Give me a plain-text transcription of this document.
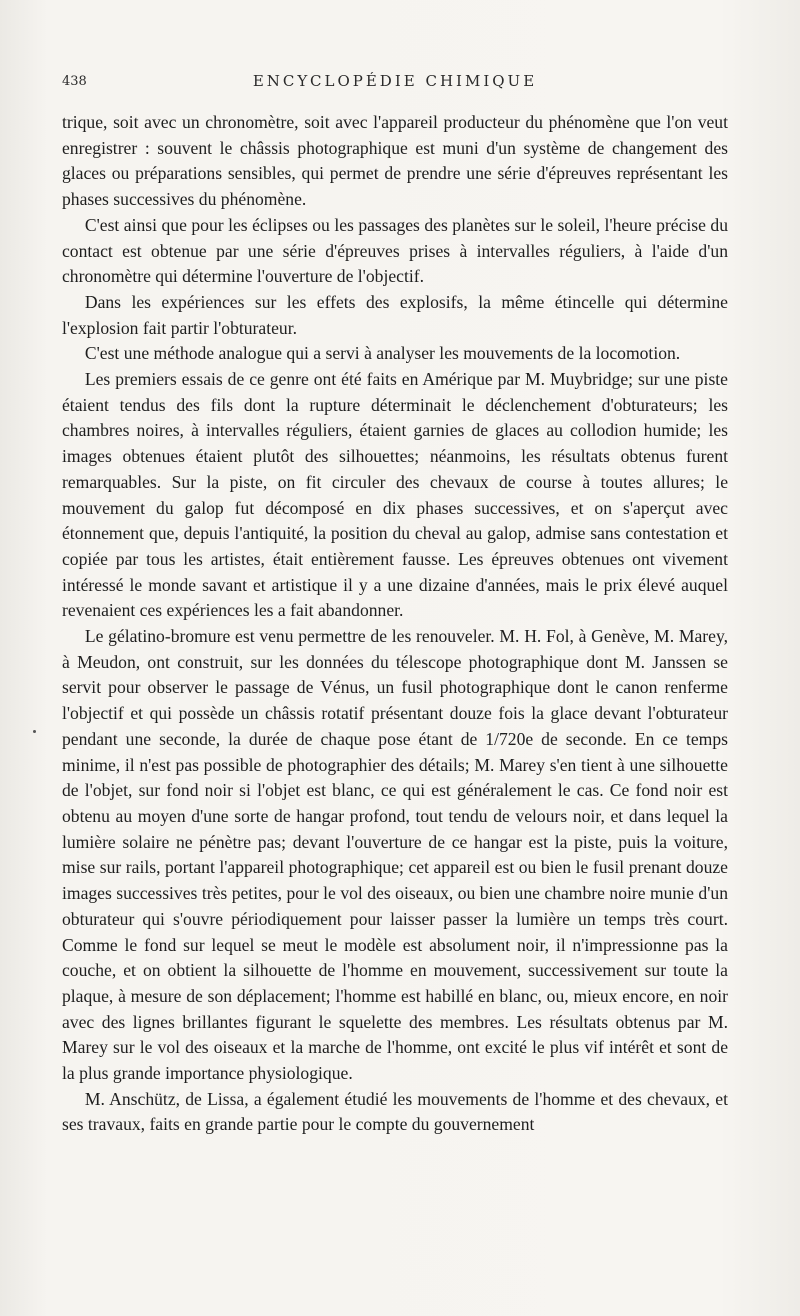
438	ENCYCLOPÉDIE CHIMIQUE

trique, soit avec un chronomètre, soit avec l'appareil producteur du phénomène que l'on veut enregistrer : souvent le châssis photographique est muni d'un système de changement des glaces ou préparations sensibles, qui permet de prendre une série d'épreuves représentant les phases successives du phénomène.

C'est ainsi que pour les éclipses ou les passages des planètes sur le soleil, l'heure précise du contact est obtenue par une série d'épreuves prises à intervalles réguliers, à l'aide d'un chronomètre qui détermine l'ouverture de l'objectif.

Dans les expériences sur les effets des explosifs, la même étincelle qui détermine l'explosion fait partir l'obturateur.

C'est une méthode analogue qui a servi à analyser les mouvements de la locomotion.

Les premiers essais de ce genre ont été faits en Amérique par M. Muybridge; sur une piste étaient tendus des fils dont la rupture déterminait le déclenchement d'obturateurs; les chambres noires, à intervalles réguliers, étaient garnies de glaces au collodion humide; les images obtenues étaient plutôt des silhouettes; néanmoins, les résultats obtenus furent remarquables. Sur la piste, on fit circuler des chevaux de course à toutes allures; le mouvement du galop fut décomposé en dix phases successives, et on s'aperçut avec étonnement que, depuis l'antiquité, la position du cheval au galop, admise sans contestation et copiée par tous les artistes, était entièrement fausse. Les épreuves obtenues ont vivement intéressé le monde savant et artistique il y a une dizaine d'années, mais le prix élevé auquel revenaient ces expériences les a fait abandonner.

Le gélatino-bromure est venu permettre de les renouveler. M. H. Fol, à Genève, M. Marey, à Meudon, ont construit, sur les données du télescope photographique dont M. Janssen se servit pour observer le passage de Vénus, un fusil photographique dont le canon renferme l'objectif et qui possède un châssis rotatif présentant douze fois la glace devant l'obturateur pendant une seconde, la durée de chaque pose étant de 1/720e de seconde. En ce temps minime, il n'est pas possible de photographier des détails; M. Marey s'en tient à une silhouette de l'objet, sur fond noir si l'objet est blanc, ce qui est généralement le cas. Ce fond noir est obtenu au moyen d'une sorte de hangar profond, tout tendu de velours noir, et dans lequel la lumière solaire ne pénètre pas; devant l'ouverture de ce hangar est la piste, puis la voiture, mise sur rails, portant l'appareil photographique; cet appareil est ou bien le fusil prenant douze images successives très petites, pour le vol des oiseaux, ou bien une chambre noire munie d'un obturateur qui s'ouvre périodiquement pour laisser passer la lumière un temps très court. Comme le fond sur lequel se meut le modèle est absolument noir, il n'impressionne pas la couche, et on obtient la silhouette de l'homme en mouvement, successivement sur toute la plaque, à mesure de son déplacement; l'homme est habillé en blanc, ou, mieux encore, en noir avec des lignes brillantes figurant le squelette des membres. Les résultats obtenus par M. Marey sur le vol des oiseaux et la marche de l'homme, ont excité le plus vif intérêt et sont de la plus grande importance physiologique.

M. Anschütz, de Lissa, a également étudié les mouvements de l'homme et des chevaux, et ses travaux, faits en grande partie pour le compte du gouvernement
